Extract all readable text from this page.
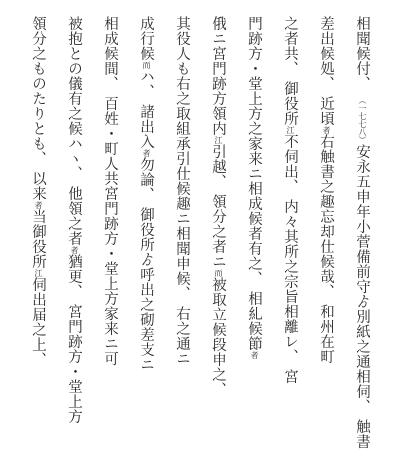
相聞候付、 （一七七八）安永五申年小菅備前守ゟ別紙之通相伺、 触書
差出候処、 近頃者右触書之趣忘却仕候哉、 和州在町
之者共、 御役所江不伺出、 内々其所之宗旨相離レ、 宮
門跡方・堂上方之家来ニ相成候者有之、 相糺候節者
俄ニ宮門跡方領内江引越、 領分之者ニ而被取立候段申之、
其役人も右之取組承引仕候趣ニ相聞申候、 右之通ニ
成行候而ハ、 諸出入者勿論、 御役所ゟ呼出之砌差支ニ
相成候間、 百姓・町人共宮門跡方・堂上方家来ニ可
被抱との儀有之候ハヽ、 他領之者者猶更、 宮門跡方・堂上方
領分之ものたりとも、 以来者当御役所江伺出届之上、
